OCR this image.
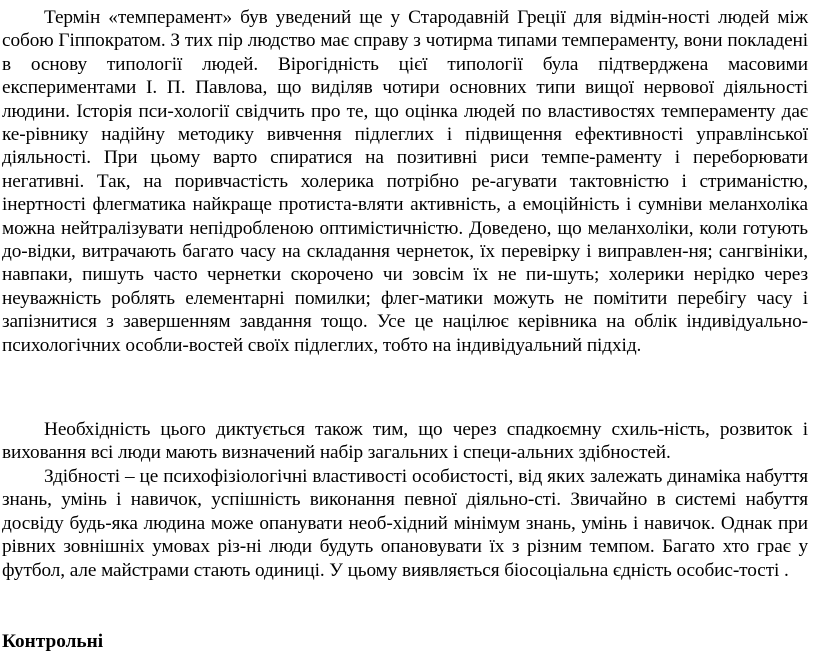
Термін «темперамент» був уведений ще у Стародавній Греції для відмін-ності людей між собою Гіппократом. З тих пір людство має справу з чотирма типами темпераменту, вони покладені в основу типології людей. Вірогідність цієї типології була підтверджена масовими експериментами І. П. Павлова, що виділяв чотири основних типи вищої нервової діяльності людини. Історія пси-хології свідчить про те, що оцінка людей по властивостях темпераменту дає ке-рівнику надійну методику вивчення підлеглих і підвищення ефективності управлінської діяльності. При цьому варто спиратися на позитивні риси темпе-раменту і переборювати негативні. Так, на поривчастість холерика потрібно ре-агувати тактовністю і стриманістю, інертності флегматика найкраще протиста-вляти активність, а емоційність і сумніви меланхоліка можна нейтралізувати непідробленою оптимістичністю. Доведено, що меланхоліки, коли готують до-відки, витрачають багато часу на складання чернеток, їх перевірку і виправлен-ня; сангвініки, навпаки, пишуть часто чернетки скорочено чи зовсім їх не пи-шуть; холерики нерідко через неуважність роблять елементарні помилки; флег-матики можуть не помітити перебігу часу і запізнитися з завершенням завдання тощо. Усе це націлює керівника на облік індивідуально-психологічних особли-востей своїх підлеглих, тобто на індивідуальний підхід.

Необхідність цього диктується також тим, що через спадкоємну схиль-ність, розвиток і виховання всі люди мають визначений набір загальних і специ-альних здібностей.

Здібності – це психофізіологічні властивості особистості, від яких залежать динаміка набуття знань, умінь і навичок, успішність виконання певної діяльно-сті. Звичайно в системі набуття досвіду будь-яка людина може опанувати необ-хідний мінімум знань, умінь і навичок. Однак при рівних зовнішніх умовах різ-ні люди будуть опановувати їх з різним темпом. Багато хто грає у футбол, але майстрами стають одиниці. У цьому виявляється біосоціальна єдність особис-тості .

Контрольні
